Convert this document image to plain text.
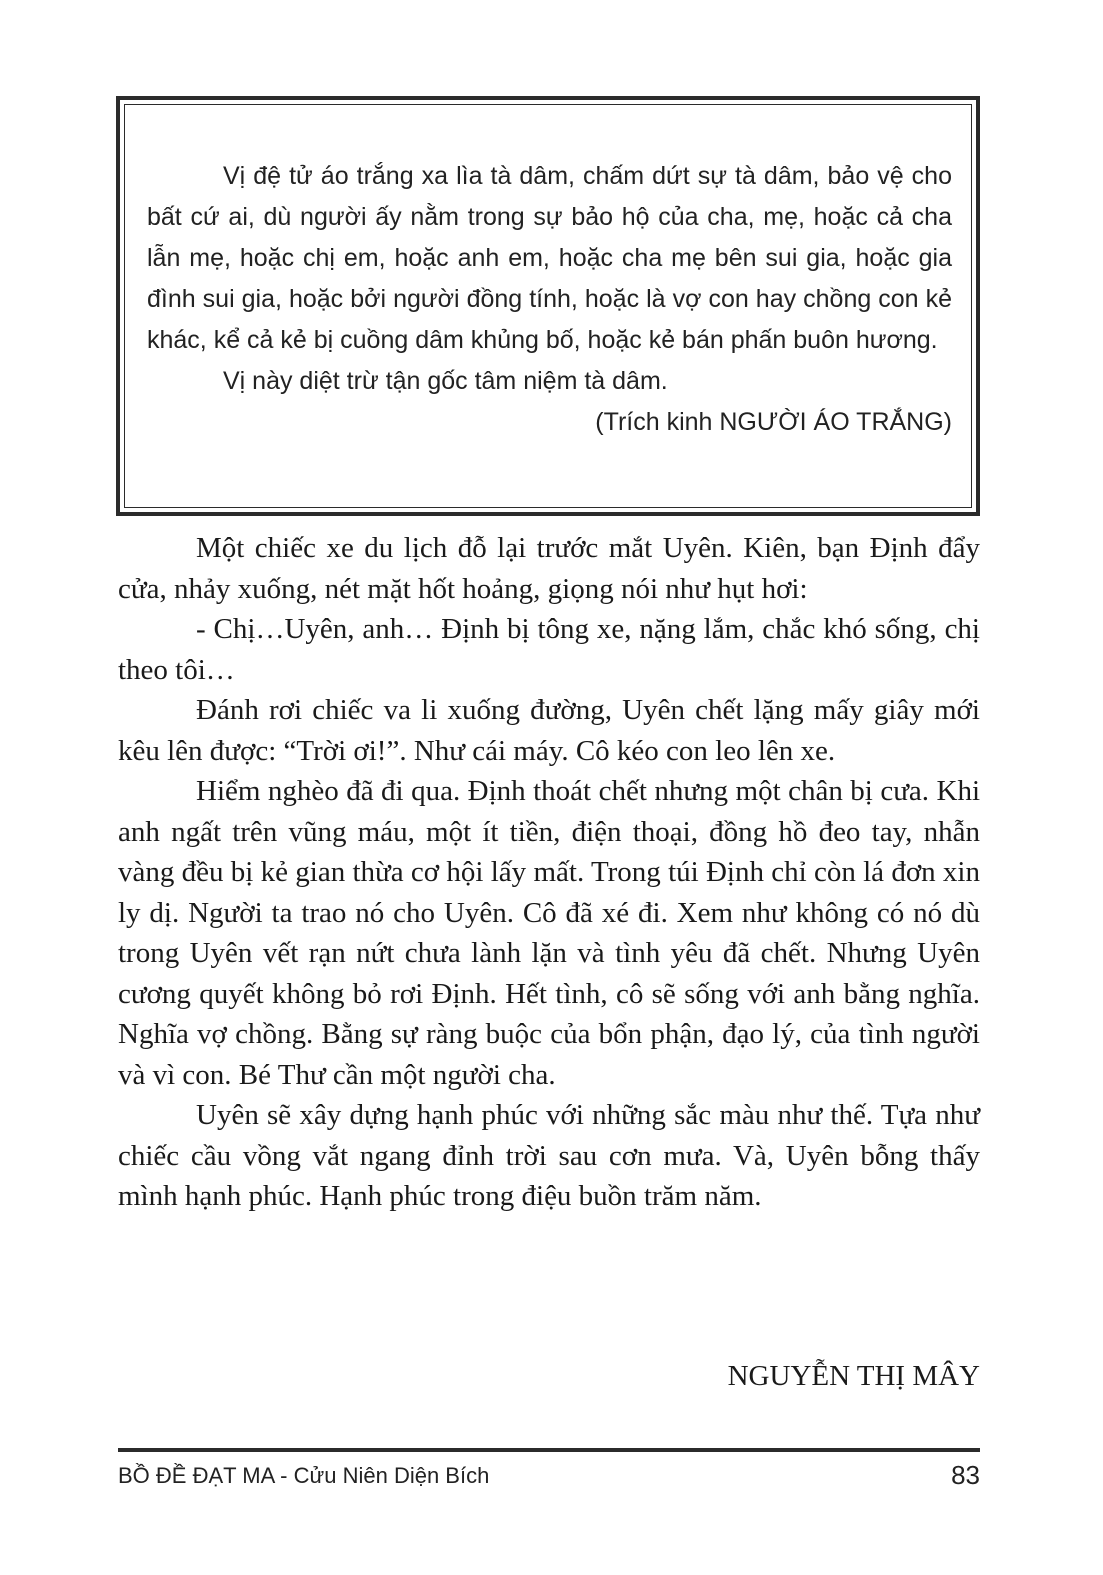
Vị đệ tử áo trắng xa lìa tà dâm, chấm dứt sự tà dâm, bảo vệ cho bất cứ ai, dù người ấy nằm trong sự bảo hộ của cha, mẹ, hoặc cả cha lẫn mẹ, hoặc chị em, hoặc anh em, hoặc cha mẹ bên sui gia, hoặc gia đình sui gia, hoặc bởi người đồng tính, hoặc là vợ con hay chồng con kẻ khác, kể cả kẻ bị cuồng dâm khủng bố, hoặc kẻ bán phấn buôn hương.

Vị này diệt trừ tận gốc tâm niệm tà dâm.

(Trích kinh NGƯỜI ÁO TRẮNG)

Một chiếc xe du lịch đỗ lại trước mắt Uyên. Kiên, bạn Định đẩy cửa, nhảy xuống, nét mặt hốt hoảng, giọng nói như hụt hơi:

- Chị…Uyên, anh… Định bị tông xe, nặng lắm, chắc khó sống, chị theo tôi…

Đánh rơi chiếc va li xuống đường, Uyên chết lặng mấy giây mới kêu lên được: “Trời ơi!”. Như cái máy. Cô kéo con leo lên xe.

Hiểm nghèo đã đi qua. Định thoát chết nhưng một chân bị cưa. Khi anh ngất trên vũng máu, một ít tiền, điện thoại, đồng hồ đeo tay, nhẫn vàng đều bị kẻ gian thừa cơ hội lấy mất. Trong túi Định chỉ còn lá đơn xin ly dị. Người ta trao nó cho Uyên. Cô đã xé đi. Xem như không có nó dù trong Uyên vết rạn nứt chưa lành lặn và tình yêu đã chết. Nhưng Uyên cương quyết không bỏ rơi Định. Hết tình, cô sẽ sống với anh bằng nghĩa. Nghĩa vợ chồng. Bằng sự ràng buộc của bổn phận, đạo lý, của tình người và vì con. Bé Thư cần một người cha.

Uyên sẽ xây dựng hạnh phúc với những sắc màu như thế. Tựa như chiếc cầu vồng vắt ngang đỉnh trời sau cơn mưa. Và, Uyên bỗng thấy mình hạnh phúc. Hạnh phúc trong điệu buồn trăm năm.

NGUYỄN THỊ MÂY
BỒ ĐỀ ĐẠT MA - Cửu Niên Diện Bích	83
